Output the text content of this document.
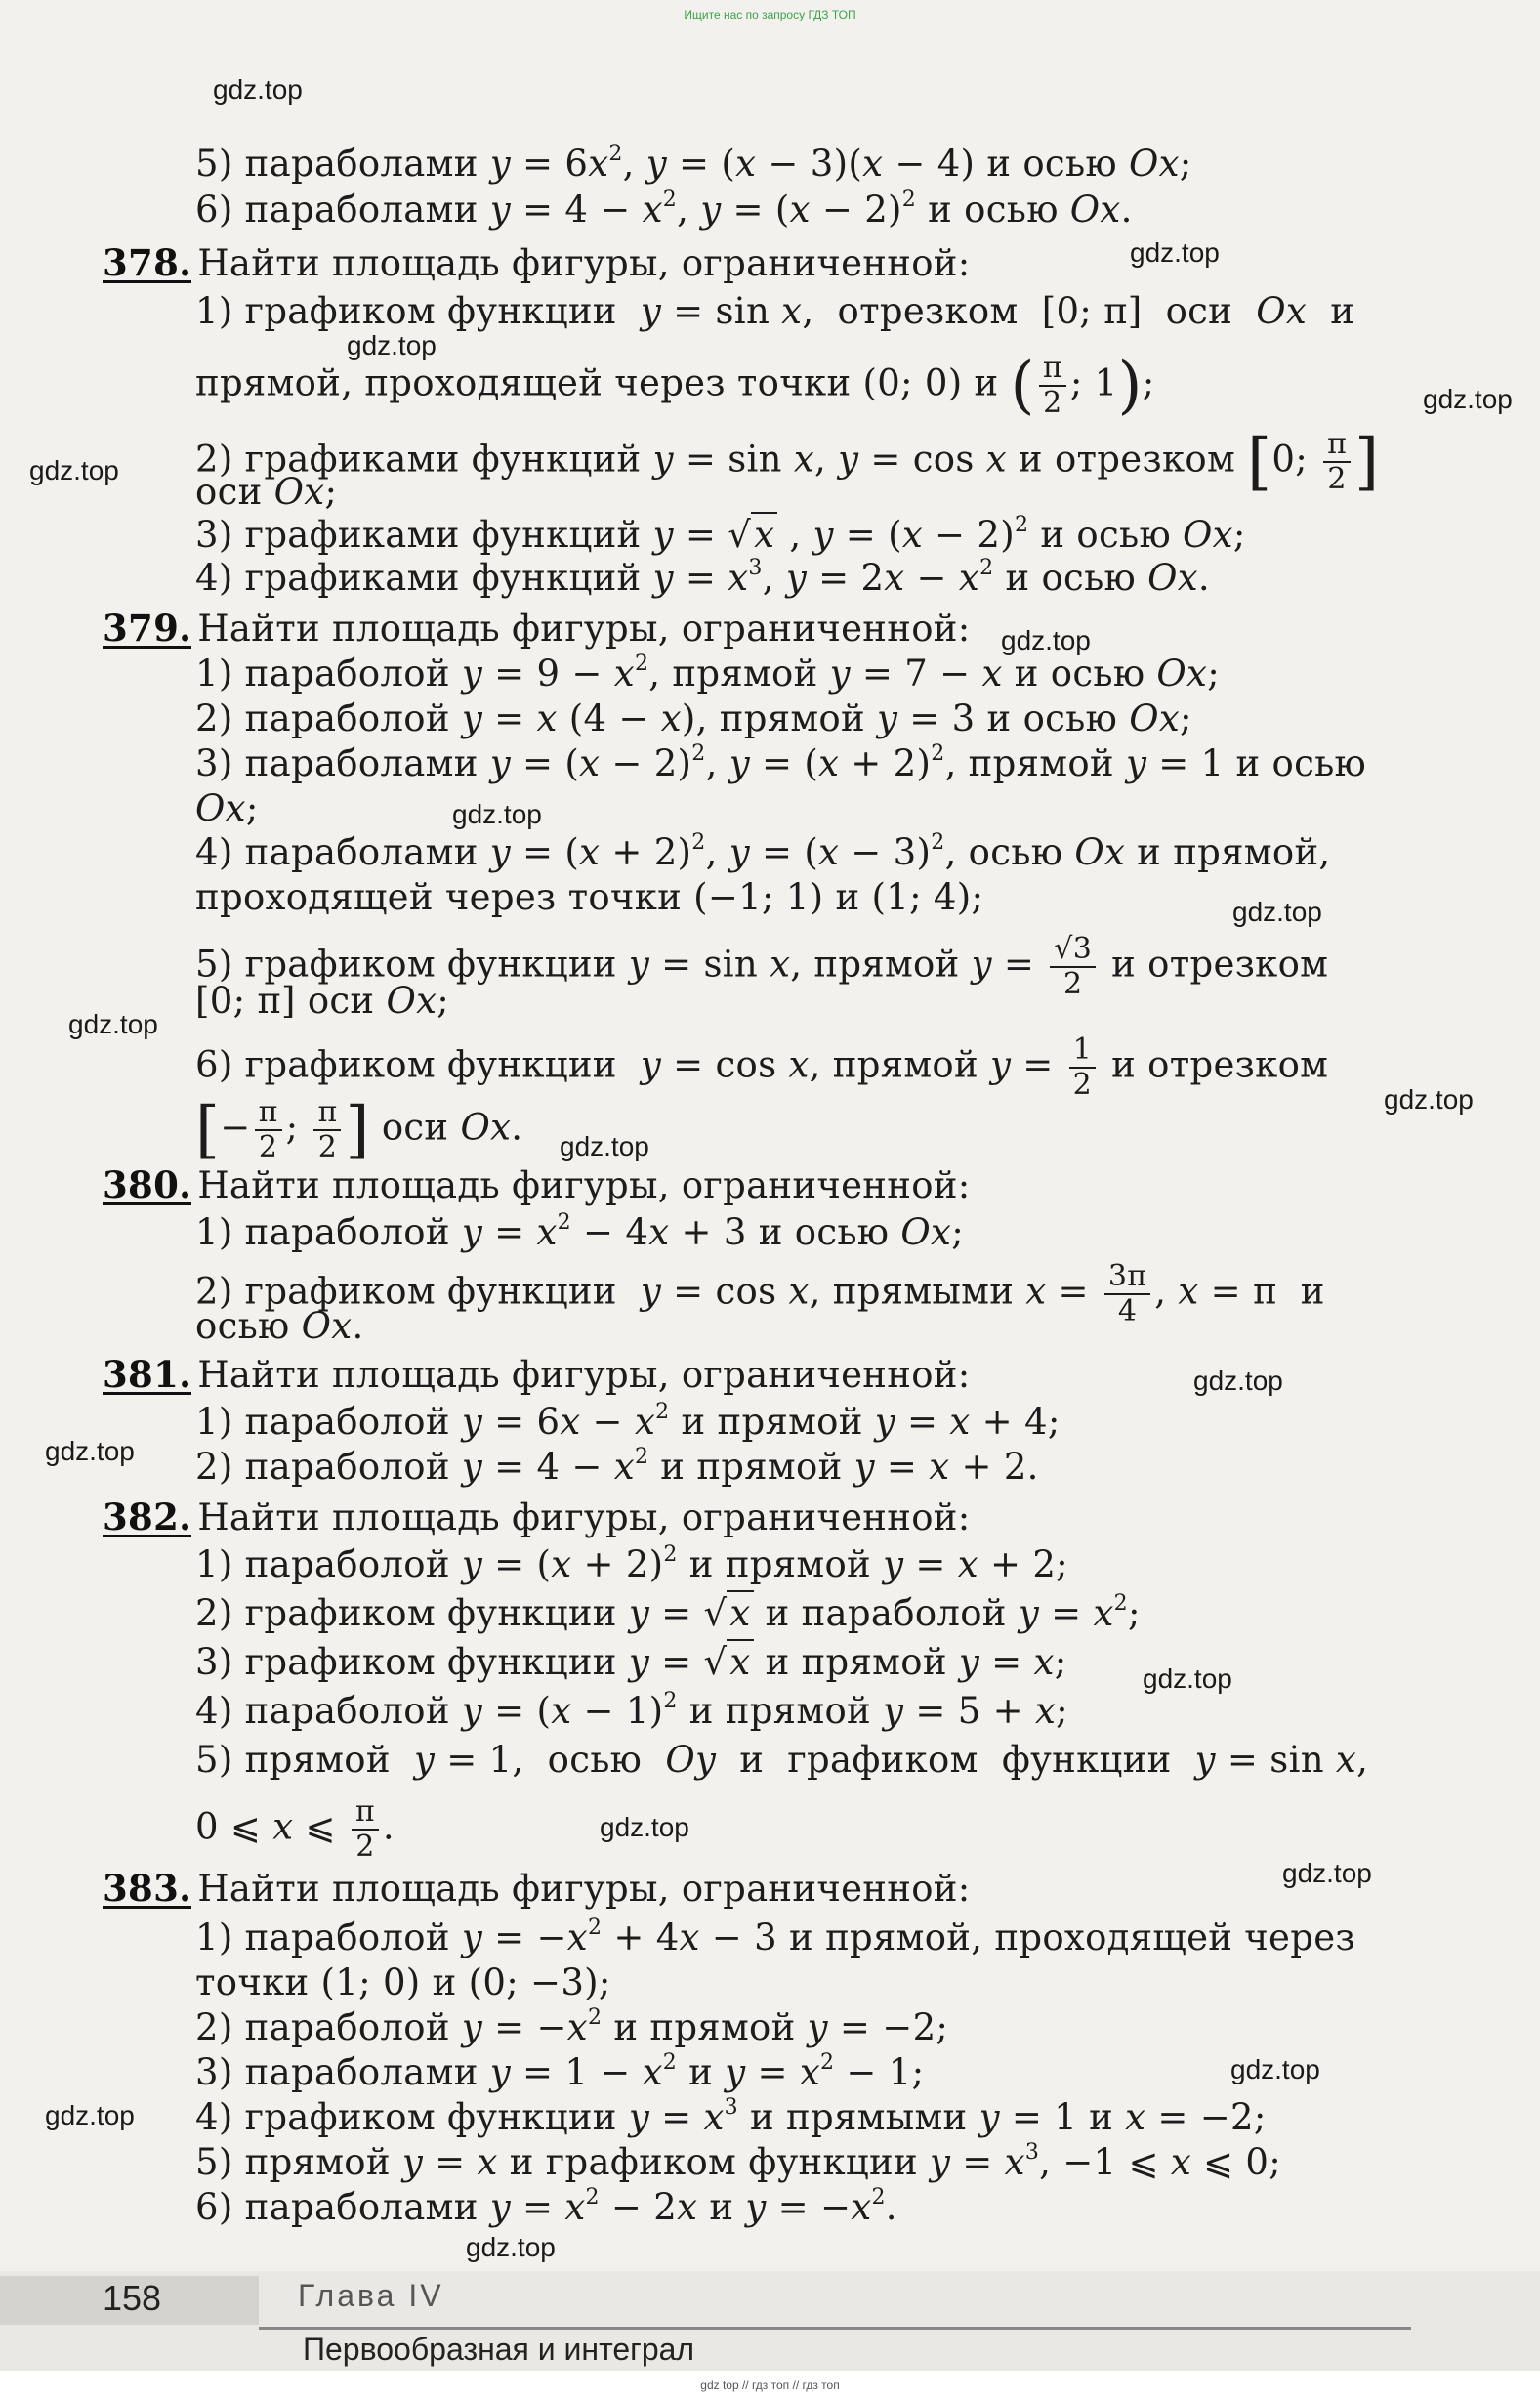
Ищите нас по запросу ГДЗ ТОП
gdz.top
gdz.top
gdz.top
gdz.top
gdz.top
gdz.top
gdz.top
gdz.top
gdz.top
gdz.top
gdz.top
gdz.top
gdz.top
gdz.top
gdz.top
gdz.top
gdz.top
gdz.top
gdz.top
5) параболами $y = 6x^2$, y = (x − 3)(x − 4) и осью Ox;
6) параболами $y = 4 - x^2$, $y = (x - 2)^2$ и осью Ox.
378. Найти площадь фигуры, ограниченной:
1) графиком функции y = sin x,  отрезком  [0; π]  оси  Ox  и
прямой, проходящей через точки (0; 0) и ( $\frac{\pi}{2}$ ; 1);
2) графиками функций y = sin x, y = cos x и отрезком [0; $\frac{\pi}{2}$ ]
оси Ox;
3) графиками функций y = √x , $y = (x - 2)^2$ и осью Ox;
4) графиками функций $y = x^3$, $y = 2x - x^2$ и осью Ox.
379. Найти площадь фигуры, ограниченной:
1) параболой $y = 9 - x^2$, прямой y = 7 − x и осью Ox;
2) параболой y = x (4 − x), прямой y = 3 и осью Ox;
3) параболами $y = (x - 2)^2$, $y = (x + 2)^2$, прямой y = 1 и осью
Ox;
4) параболами $y = (x + 2)^2$, $y = (x - 3)^2$, осью Ox и прямой,
проходящей через точки (−1; 1) и (1; 4);
5) графиком функции y = sin x, прямой $y = \frac{√3}{2}$ и отрезком
[0; π] оси Ox;
6) графиком функции y = cos x, прямой $y = \frac{1}{2}$ и отрезком
[− $\frac{\pi}{2}$ ; $\frac{\pi}{2}$ ] оси Ox.
380. Найти площадь фигуры, ограниченной:
1) параболой $y = x^2 - 4x + 3$ и осью Ox;
2) графиком функции y = cos x, прямыми $x = \frac{3\pi}{4}$ , x = π  и
осью Ox.
381. Найти площадь фигуры, ограниченной:
1) параболой $y = 6x - x^2$ и прямой y = x + 4;
2) параболой $y = 4 - x^2$ и прямой y = x + 2.
382. Найти площадь фигуры, ограниченной:
1) параболой $y = (x + 2)^2$ и прямой y = x + 2;
2) графиком функции y = √x и параболой $y = x^2$;
3) графиком функции y = √x и прямой y = x;
4) параболой $y = (x - 1)^2$ и прямой y = 5 + x;
5) прямой y = 1,  осью  Oy  и  графиком  функции  y = sin x,
0 ⩽ x ⩽ $\frac{\pi}{2}$ .
383. Найти площадь фигуры, ограниченной:
1) параболой $y = -x^2 + 4x - 3$ и прямой, проходящей через
точки (1; 0) и (0; −3);
2) параболой $y = -x^2$ и прямой y = −2;
3) параболами $y = 1 - x^2$ и $y = x^2 - 1$;
4) графиком функции $y = x^3$ и прямыми y = 1 и x = −2;
5) прямой y = x и графиком функции $y = x^3$, −1 ⩽ x ⩽ 0;
6) параболами $y = x^2 - 2x$ и $y = -x^2$.
158	Глава IV
Первообразная и интеграл
gdz top // гдз топ // гдз топ
